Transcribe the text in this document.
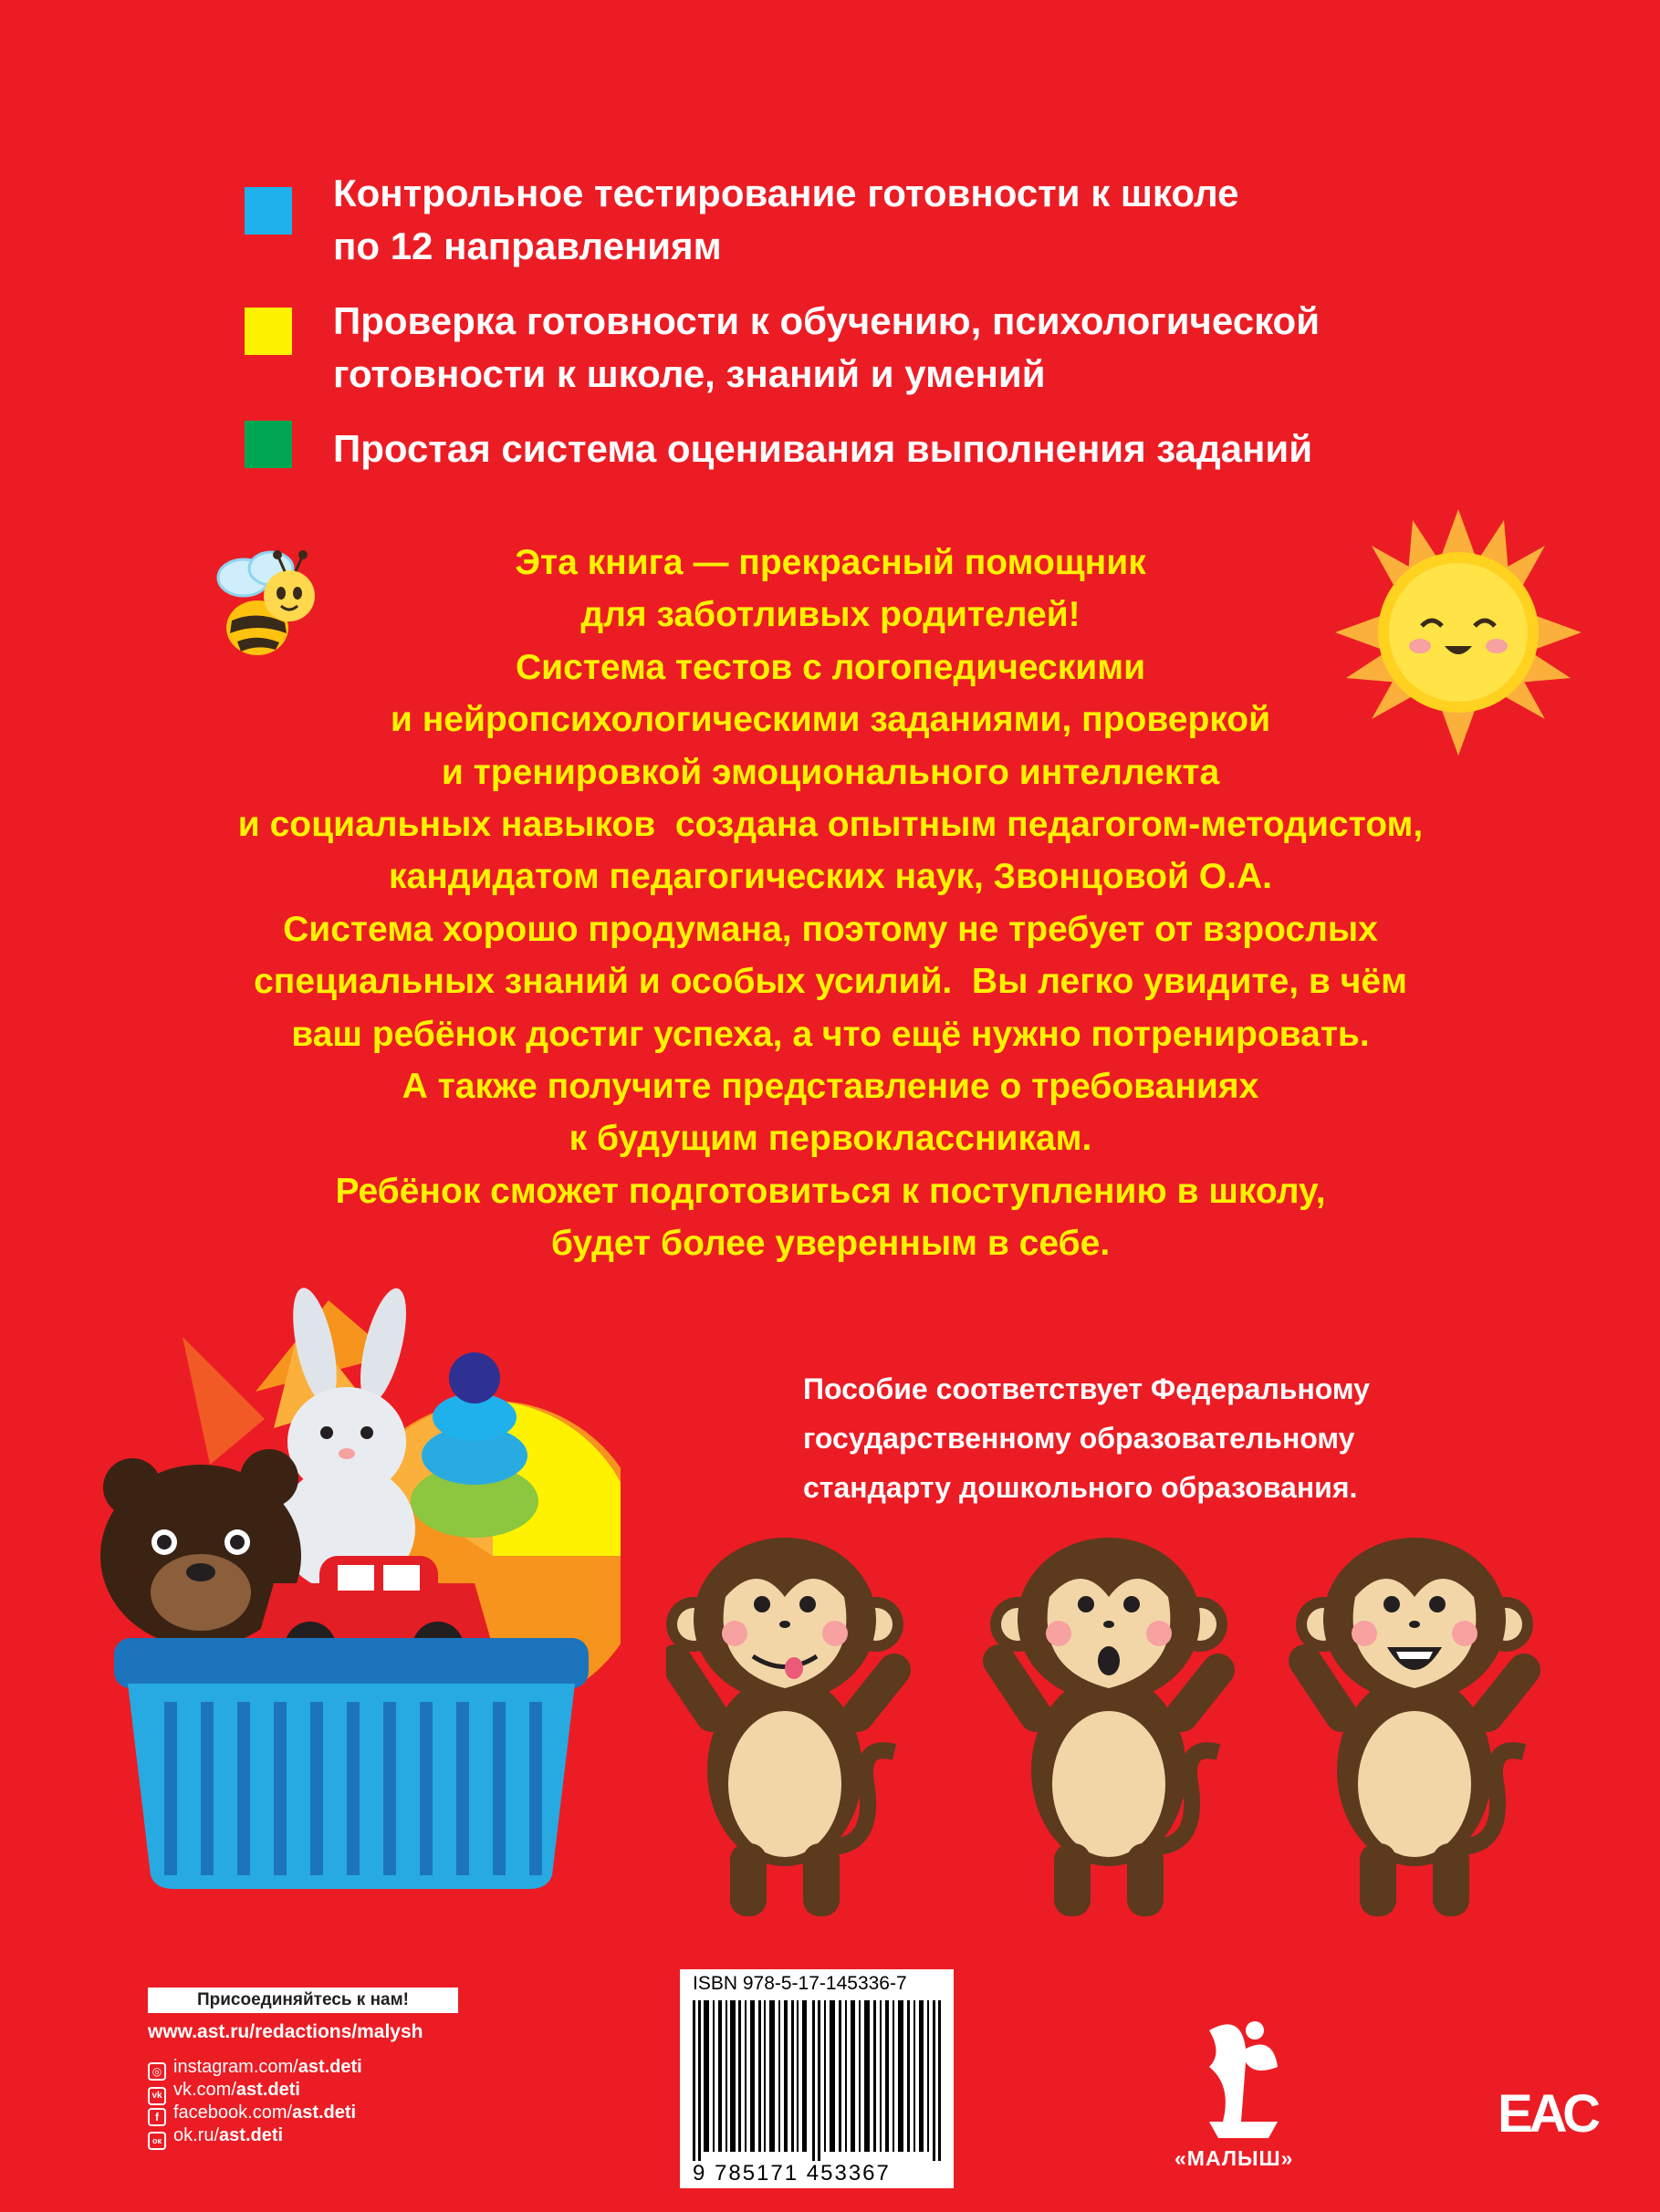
Контрольное тестирование готовности к школе
по 12 направлениям
Проверка готовности к обучению, психологической
готовности к школе, знаний и умений
Простая система оценивания выполнения заданий
Эта книга — прекрасный помощник
для заботливых родителей!
Система тестов с логопедическими
и нейропсихологическими заданиями, проверкой
и тренировкой эмоционального интеллекта
и социальных навыков  создана опытным педагогом-методистом,
кандидатом педагогических наук, Звонцовой О.А.
Система хорошо продумана, поэтому не требует от взрослых
специальных знаний и особых усилий.  Вы легко увидите, в чём
ваш ребёнок достиг успеха, а что ещё нужно потренировать.
А также получите представление о требованиях
к будущим первоклассникам.
Ребёнок сможет подготовиться к поступлению в школу,
будет более уверенным в себе.
Пособие соответствует Федеральному
государственному образовательному
стандарту дошкольного образования.
Присоединяйтесь к нам!
www.ast.ru/redactions/malysh
◎ instagram.com/ast.deti
vk vk.com/ast.deti
f facebook.com/ast.deti
ок ok.ru/ast.deti
ISBN 978-5-17-145336-7
9 785171 453367
«МАЛЫШ»
ЕАС
